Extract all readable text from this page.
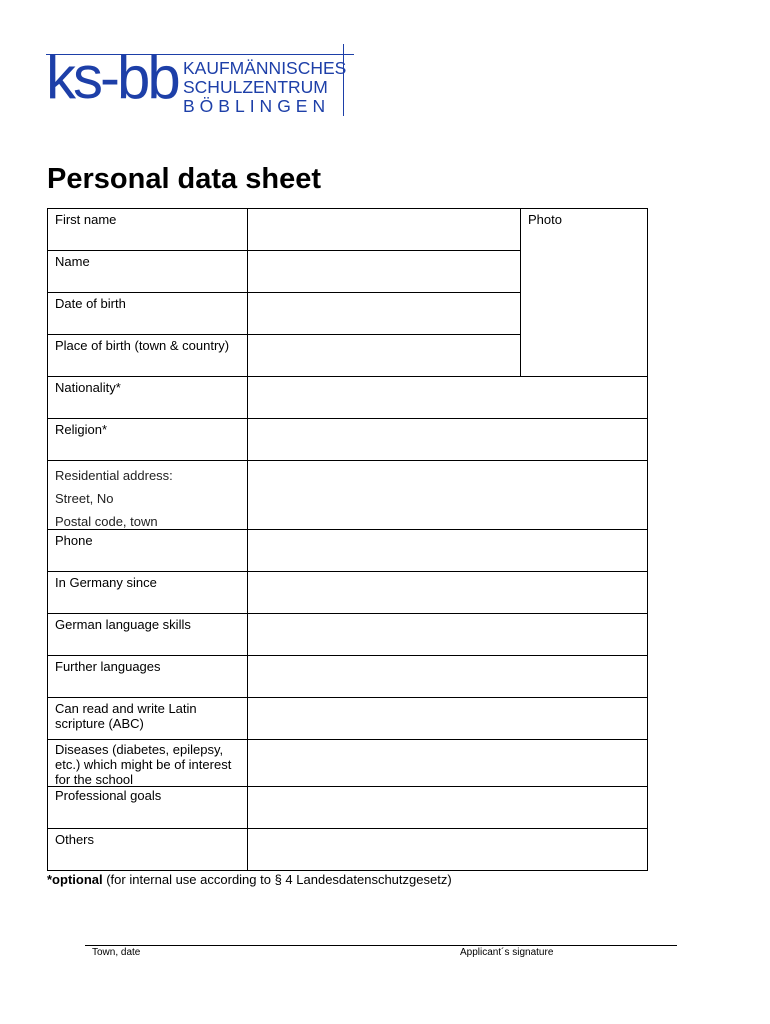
ks-bb KAUFMÄNNISCHES
SCHULZENTRUM
BÖBLINGEN
Personal data sheet
First name
Name
Date of birth
Place of birth (town & country)
Photo
Nationality*
Religion*
Residential address:
Street, No
Postal code, town
Phone
In Germany since
German language skills
Further languages
Can read and write Latin scripture (ABC)
Diseases (diabetes, epilepsy, etc.) which might be of interest for the school
Professional goals
Others
*optional (for internal use according to § 4 Landesdatenschutzgesetz)
Town, date	Applicant´s signature
